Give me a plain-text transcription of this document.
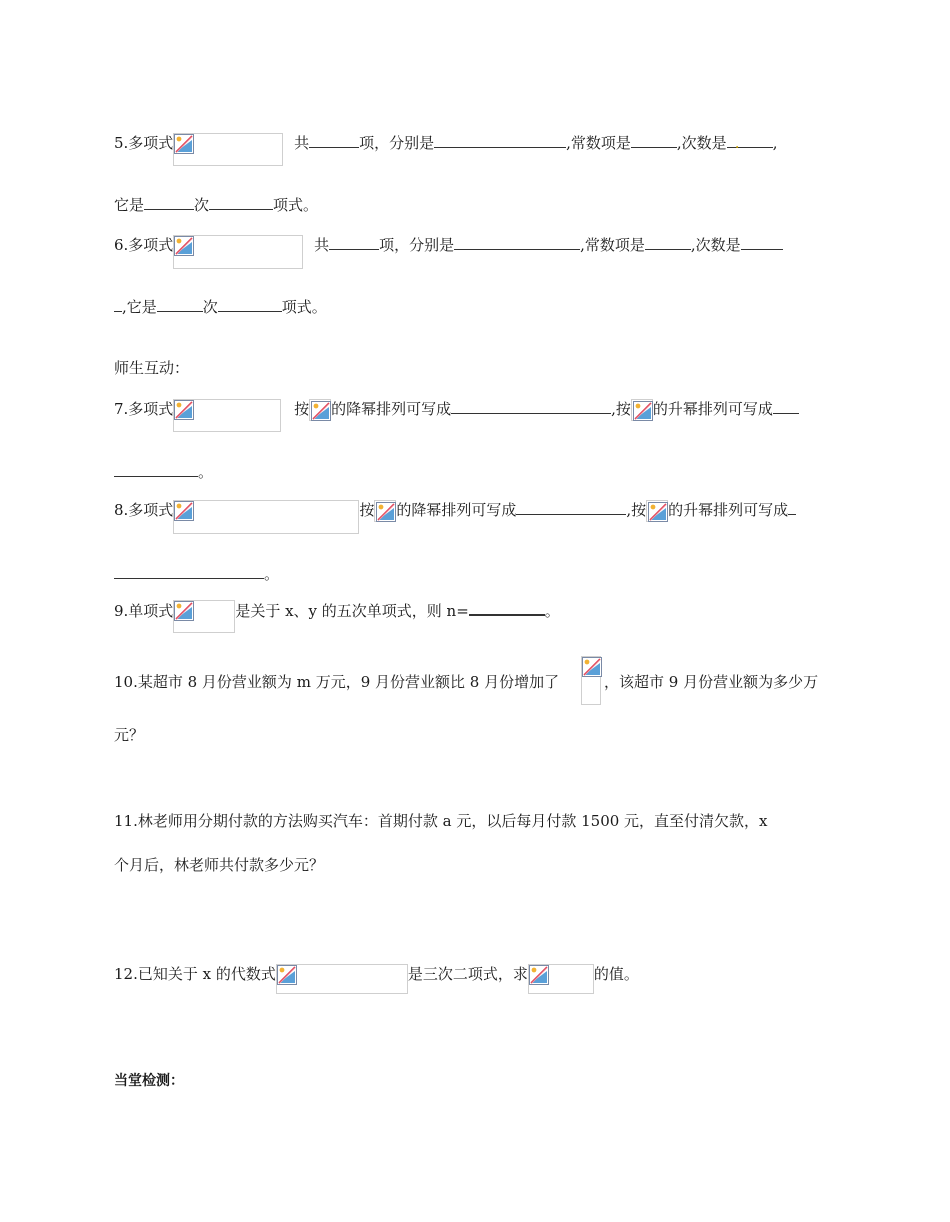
5.多项式	共	项，分别是	,常数项是	,次数是 . ,
它是	次	项式。
6.多项式	共	项，分别是	,常数项是	,次数是
,它是	次	项式。
师生互动：
7.多项式	按 的降幂排列可写成	,按 的升幂排列可写成
。
8.多项式	按 的降幂排列可写成	,按 的升幂排列可写成
。
9.单项式	是关于 x、y 的五次单项式，则 n=	。
10.某超市 8 月份营业额为 m 万元，9 月份营业额比 8 月份增加了	，该超市 9 月份营业额为多少万
元？
11.林老师用分期付款的方法购买汽车：首期付款 a 元，以后每月付款 1500 元，直至付清欠款，x
个月后，林老师共付款多少元？
12.已知关于 x 的代数式	是三次二项式，求	的值。
当堂检测：
